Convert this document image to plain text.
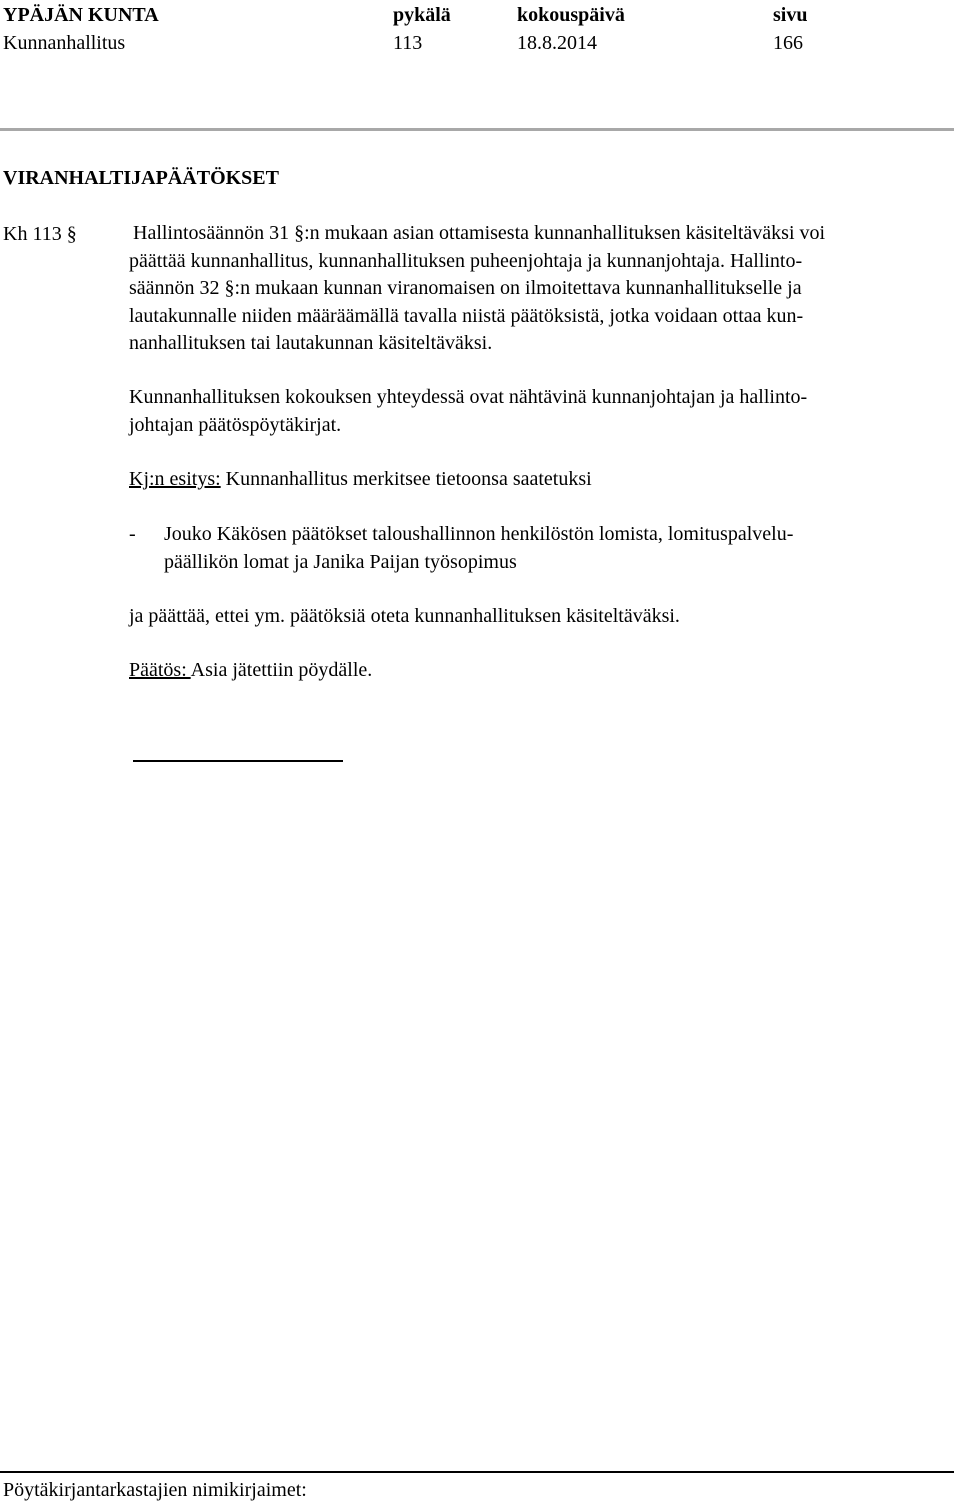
YPÄJÄN KUNTA	pykälä	kokouspäivä	sivu
Kunnanhallitus	113	18.8.2014	166
VIRANHALTIJAPÄÄTÖKSET
Kh 113 §	Hallintosäännön 31 §:n mukaan asian ottamisesta kunnanhallituksen käsiteltäväksi voi
päättää kunnanhallitus, kunnanhallituksen puheenjohtaja ja kunnanjohtaja. Hallinto-
säännön 32 §:n mukaan kunnan viranomaisen on ilmoitettava kunnanhallitukselle ja
lautakunnalle niiden määräämällä tavalla niistä päätöksistä, jotka voidaan ottaa kun-
nanhallituksen tai lautakunnan käsiteltäväksi.
Kunnanhallituksen kokouksen yhteydessä ovat nähtävinä kunnanjohtajan ja hallinto-
johtajan päätöspöytäkirjat.
Kj:n esitys: Kunnanhallitus merkitsee tietoonsa saatetuksi
- Jouko Käkösen päätökset taloushallinnon henkilöstön lomista, lomituspalvelu-
päällikön lomat ja Janika Paijan työsopimus
ja päättää, ettei ym. päätöksiä oteta kunnanhallituksen käsiteltäväksi.
Päätös: Asia jätettiin pöydälle.
Pöytäkirjantarkastajien nimikirjaimet:
